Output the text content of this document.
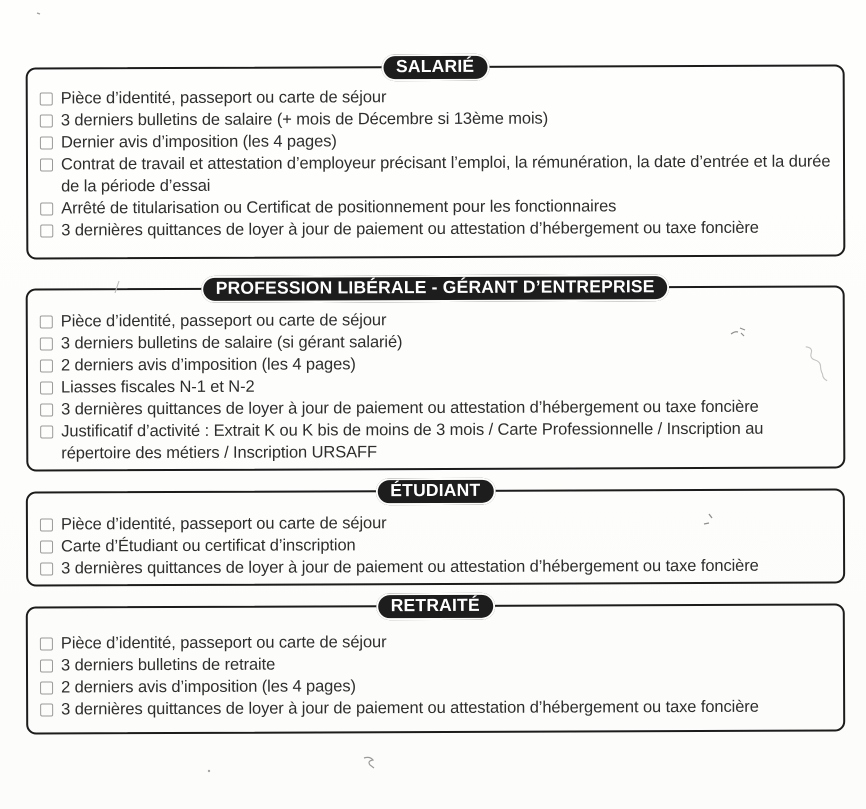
SALARIÉ
Pièce d’identité, passeport ou carte de séjour
3 derniers bulletins de salaire (+ mois de Décembre si 13ème mois)
Dernier avis d’imposition (les 4 pages)
Contrat de travail et attestation d’employeur précisant l’emploi, la rémunération, la date d’entrée et la durée de la période d’essai
Arrêté de titularisation ou Certificat de positionnement pour les fonctionnaires
3 dernières quittances de loyer à jour de paiement ou attestation d’hébergement ou taxe foncière
PROFESSION LIBÉRALE - GÉRANT D’ENTREPRISE
Pièce d’identité, passeport ou carte de séjour
3 derniers bulletins de salaire (si gérant salarié)
2 derniers avis d’imposition (les 4 pages)
Liasses fiscales N-1 et N-2
3 dernières quittances de loyer à jour de paiement ou attestation d’hébergement ou taxe foncière
Justificatif d’activité : Extrait K ou K bis de moins de 3 mois / Carte Professionnelle / Inscription au répertoire des métiers / Inscription URSAFF
ÉTUDIANT
Pièce d’identité, passeport ou carte de séjour
Carte d’Étudiant ou certificat d’inscription
3 dernières quittances de loyer à jour de paiement ou attestation d’hébergement ou taxe foncière
RETRAITÉ
Pièce d’identité, passeport ou carte de séjour
3 derniers bulletins de retraite
2 derniers avis d’imposition (les 4 pages)
3 dernières quittances de loyer à jour de paiement ou attestation d’hébergement ou taxe foncière
